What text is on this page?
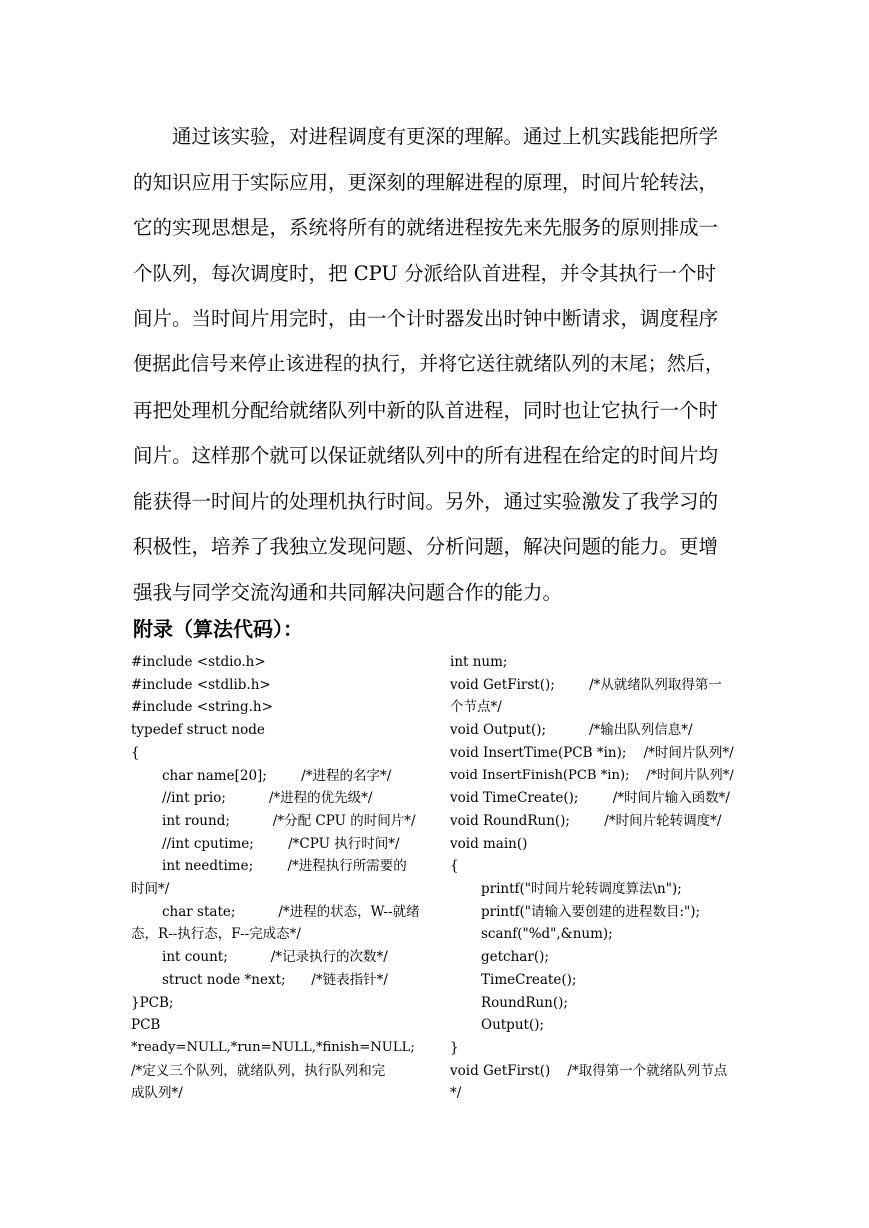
　　通过该实验，对进程调度有更深的理解。通过上机实践能把所学
的知识应用于实际应用，更深刻的理解进程的原理，时间片轮转法，
它的实现思想是，系统将所有的就绪进程按先来先服务的原则排成一
个队列，每次调度时，把 CPU 分派给队首进程，并令其执行一个时
间片。当时间片用完时，由一个计时器发出时钟中断请求，调度程序
便据此信号来停止该进程的执行，并将它送往就绪队列的末尾；然后，
再把处理机分配给就绪队列中新的队首进程，同时也让它执行一个时
间片。这样那个就可以保证就绪队列中的所有进程在给定的时间片均
能获得一时间片的处理机执行时间。另外，通过实验激发了我学习的
积极性，培养了我独立发现问题、分析问题，解决问题的能力。更增
强我与同学交流沟通和共同解决问题合作的能力。
附录（算法代码）：
#include <stdio.h>
#include <stdlib.h>
#include <string.h>
typedef struct node
{
char name[20];        /*进程的名字*/
//int prio;          /*进程的优先级*/
int round;          /*分配 CPU 的时间片*/
//int cputime;        /*CPU 执行时间*/
int needtime;        /*进程执行所需要的
时间*/
char state;          /*进程的状态，W--就绪
态，R--执行态，F--完成态*/
int count;          /*记录执行的次数*/
struct node *next;      /*链表指针*/
}PCB;
PCB
*ready=NULL,*run=NULL,*finish=NULL;
/*定义三个队列，就绪队列，执行队列和完
成队列*/
int num;
void GetFirst();        /*从就绪队列取得第一
个节点*/
void Output();          /*输出队列信息*/
void InsertTime(PCB *in);    /*时间片队列*/
void InsertFinish(PCB *in);    /*时间片队列*/
void TimeCreate();        /*时间片输入函数*/
void RoundRun();        /*时间片轮转调度*/
void main()
{
printf("时间片轮转调度算法\n");
printf("请输入要创建的进程数目:");
scanf("%d",&num);
getchar();
TimeCreate();
RoundRun();
Output();
}
void GetFirst()    /*取得第一个就绪队列节点
*/
